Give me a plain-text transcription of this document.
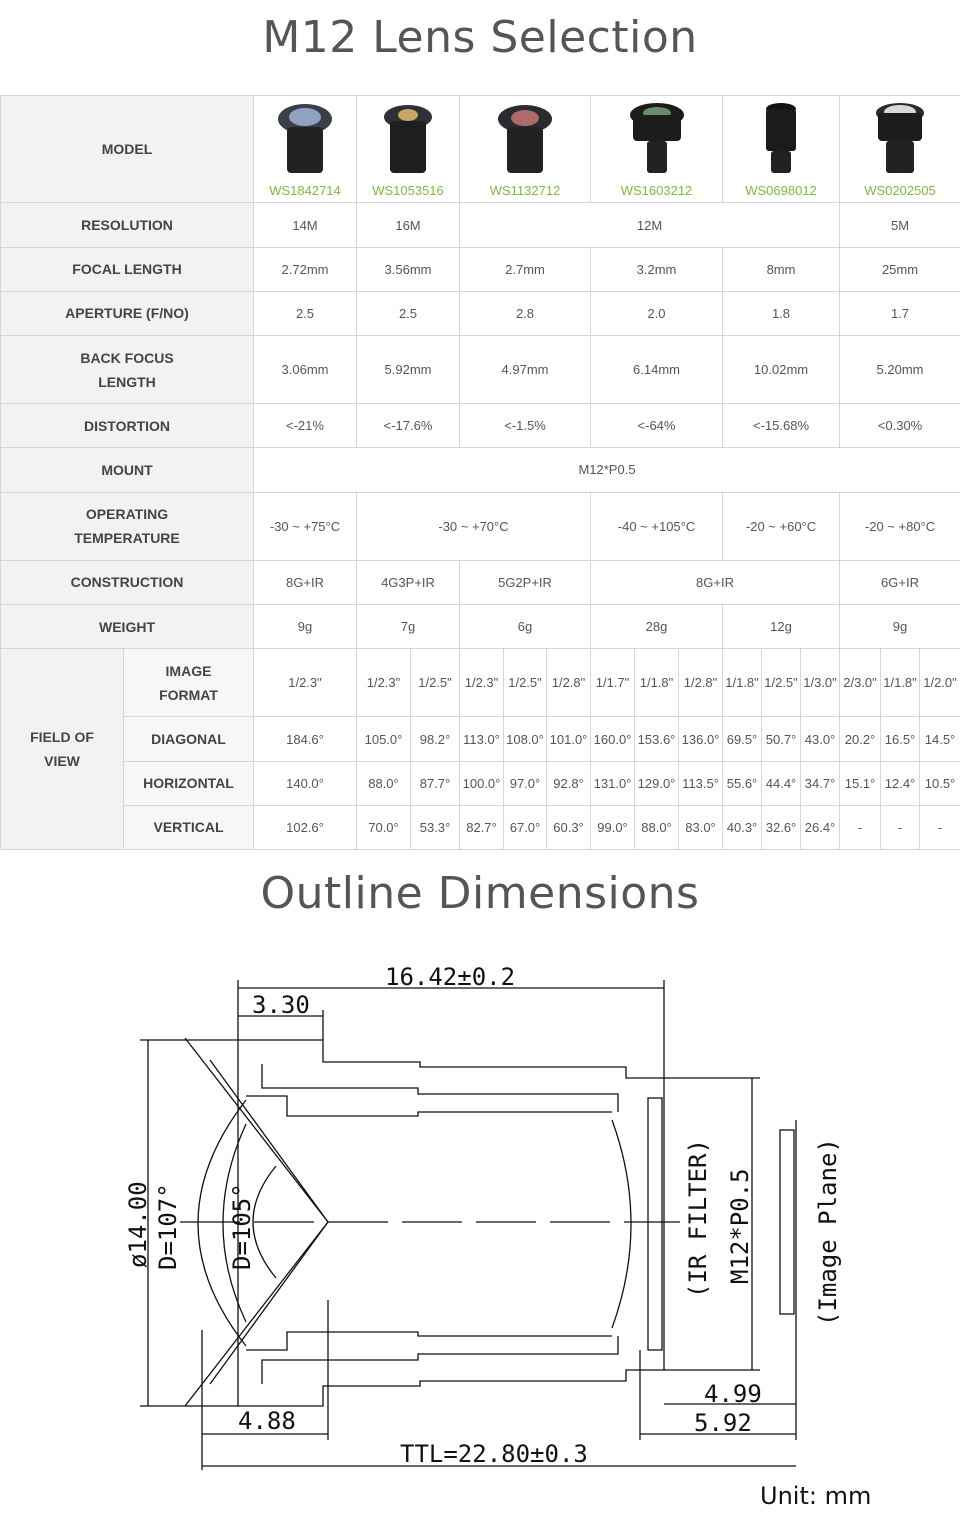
M12 Lens Selection
MODEL		WS1842714	WS1053516		WS1132712			WS1603212			WS0698012			WS0202505		

RESOLUTION		14M	16M		12M									5M		
FOCAL LENGTH		2.72mm	3.56mm		2.7mm			3.2mm			8mm			25mm		
APERTURE (F/NO)		2.5	2.5		2.8			2.0			1.8			1.7		
BACK FOCUS LENGTH		3.06mm	5.92mm		4.97mm			6.14mm			10.02mm			5.20mm		
DISTORTION		<-21%	<-17.6%		<-1.5%			<-64%			<-15.68%			<0.30%		
MOUNT		M12*P0.5														
OPERATING TEMPERATURE		-30 ~ +75°C	-30 ~ +70°C					-40 ~ +105°C			-20 ~ +60°C			-20 ~ +80°C		
CONSTRUCTION		8G+IR	4G3P+IR		5G2P+IR			8G+IR						6G+IR		
WEIGHT		9g	7g		6g			28g			12g			9g		
FIELD OF VIEW	IMAGE FORMAT	1/2.3"	1/2.3"	1/2.5"	1/2.3"	1/2.5"	1/2.8"	1/1.7"	1/1.8"	1/2.8"	1/1.8"	1/2.5"	1/3.0"	2/3.0"	1/1.8"	1/2.0"
	DIAGONAL	184.6°	105.0°	98.2°	113.0°	108.0°	101.0°	160.0°	153.6°	136.0°	69.5°	50.7°	43.0°	20.2°	16.5°	14.5°
	HORIZONTAL	140.0°	88.0°	87.7°	100.0°	97.0°	92.8°	131.0°	129.0°	113.5°	55.6°	44.4°	34.7°	15.1°	12.4°	10.5°
	VERTICAL	102.6°	70.0°	53.3°	82.7°	67.0°	60.3°	99.0°	88.0°	83.0°	40.3°	32.6°	26.4°	-	-	-
Outline Dimensions
16.42±0.2
3.30
ø14.00 D=107° D=105°	(IR FILTER) M12*P0.5	(Image Plane)
4.99
5.92
4.88
TTL=22.80±0.3
Unit: mm
